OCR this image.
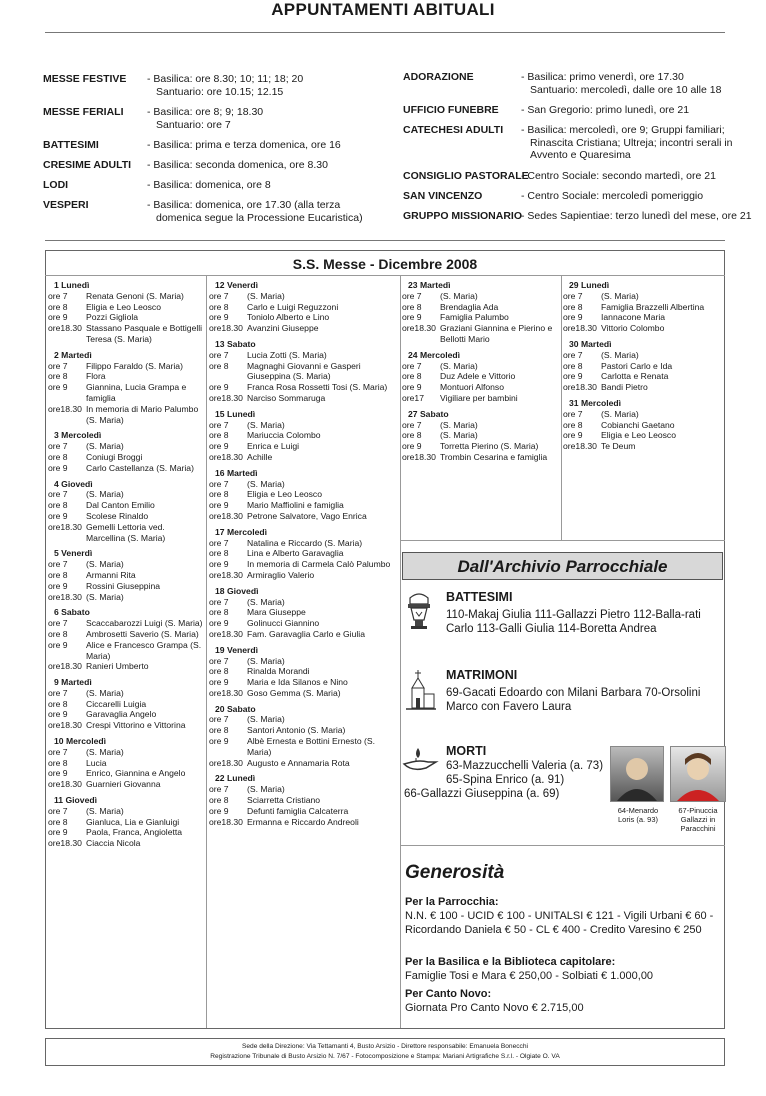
APPUNTAMENTI ABITUALI
MESSE FESTIVE - Basilica: ore 8.30; 10; 11; 18; 20
Santuario: ore 10.15; 12.15
MESSE FERIALI - Basilica: ore 8; 9; 18.30
Santuario: ore 7
BATTESIMI	- Basilica: prima e terza domenica, ore 16
CRESIME ADULTI - Basilica: seconda domenica, ore 8.30
LODI	- Basilica: domenica, ore 8
VESPERI	- Basilica: domenica, ore 17.30 (alla terza
domenica segue la Processione Eucaristica)
ADORAZIONE	- Basilica: primo venerdì, ore 17.30
Santuario: mercoledì, dalle ore 10 alle 18
UFFICIO FUNEBRE - San Gregorio: primo lunedì, ore 21
CATECHESI ADULTI - Basilica: mercoledì, ore 9; Gruppi familiari;
Rinascita Cristiana; Ultreja; incontri serali in
Avvento e Quaresima
CONSIGLIO PASTORALE
- Centro Sociale: secondo martedì, ore 21
SAN VINCENZO	- Centro Sociale: mercoledì pomeriggio
GRUPPO MISSIONARIO
- Sedes Sapientiae: terzo lunedì del mese, ore 21
S.S. Messe - Dicembre 2008
1 Lunedì
ore 7	Renata Genoni (S. Maria)
ore 8	Eligia e Leo Leosco
ore 9	Pozzi Gigliola
ore18.30 Stassano Pasquale e Bottigelli Teresa (S. Maria)
2 Martedì
ore 7	Filippo Faraldo (S. Maria)
ore 8	Flora
ore 9	Giannina, Lucia Grampa e famiglia
ore18.30 In memoria di Mario Palumbo (S. Maria)
3 Mercoledì
ore 7	(S. Maria)
ore 8	Coniugi Broggi
ore 9	Carlo Castellanza (S. Maria)
4 Giovedì
ore 7	(S. Maria)
ore 8	Dal Canton Emilio
ore 9	Scolese Rinaldo
ore18.30 Gemelli Lettoria ved. Marcellina (S. Maria)
5 Venerdì
ore 7	(S. Maria)
ore 8	Armanni Rita
ore 9	Rossini Giuseppina
ore18.30 (S. Maria)
6 Sabato
ore 7	Scaccabarozzi Luigi (S. Maria)
ore 8	Ambrosetti Saverio (S. Maria)
ore 9	Alice e Francesco Grampa (S. Maria)
ore18.30 Ranieri Umberto
9 Martedì
ore 7	(S. Maria)
ore 8	Ciccarelli Luigia
ore 9	Garavaglia Angelo
ore18.30 Crespi Vittorino e Vittorina
10 Mercoledì
ore 7	(S. Maria)
ore 8	Lucia
ore 9	Enrico, Giannina e Angelo
ore18.30 Guarnieri Giovanna
11 Giovedì
ore 7	(S. Maria)
ore 8	Gianluca, Lia e Gianluigi
ore 9	Paola, Franca, Angioletta
ore18.30 Ciaccia Nicola
12 Venerdì
ore 7	(S. Maria)
ore 8	Carlo e Luigi Reguzzoni
ore 9	Toniolo Alberto e Lino
ore18.30 Avanzini Giuseppe
13 Sabato
ore 7	Lucia Zotti (S. Maria)
ore 8	Magnaghi Giovanni e Gasperi Giuseppina (S. Maria)
ore 9	Franca Rosa Rossetti Tosi (S. Maria)
ore18.30 Narciso Sommaruga
15 Lunedì
ore 7	(S. Maria)
ore 8	Mariuccia Colombo
ore 9	Enrica e Luigi
ore18.30 Achille
16 Martedì
ore 7	(S. Maria)
ore 8	Eligia e Leo Leosco
ore 9	Mario Maffiolini e famiglia
ore18.30 Petrone Salvatore, Vago Enrica
17 Mercoledì
ore 7	Natalina e Riccardo (S. Maria)
ore 8	Lina e Alberto Garavaglia
ore 9	In memoria di Carmela Calò Palumbo
ore18.30 Armiraglio Valerio
18 Giovedì
ore 7	(S. Maria)
ore 8	Mara Giuseppe
ore 9	Golinucci Giannino
ore18.30 Fam. Garavaglia Carlo e Giulia
19 Venerdì
ore 7	(S. Maria)
ore 8	Rinalda Morandi
ore 9	Maria e Ida Silanos e Nino
ore18.30 Goso Gemma (S. Maria)
20 Sabato
ore 7	(S. Maria)
ore 8	Santori Antonio (S. Maria)
ore 9	Albè Ernesta e Bottini Ernesto (S. Maria)
ore18.30 Augusto e Annamaria Rota
22 Lunedì
ore 7	(S. Maria)
ore 8	Sciarretta Cristiano
ore 9	Defunti famiglia Calcaterra
ore18.30 Ermanna e Riccardo Andreoli
23 Martedì
ore 7	(S. Maria)
ore 8	Brendaglia Ada
ore 9	Famiglia Palumbo
ore18.30 Graziani Giannina e Pierino e Bellotti Mario
24 Mercoledì
ore 7	(S. Maria)
ore 8	Duz Adele e Vittorio
ore 9	Montuori Alfonso
ore17	Vigiliare per bambini
27 Sabato
ore 7	(S. Maria)
ore 8	(S. Maria)
ore 9	Torretta Pierino (S. Maria)
ore18.30 Trombin Cesarina e famiglia
29 Lunedì
ore 7	(S. Maria)
ore 8	Famiglia Brazzelli Albertina
ore 9	Iannacone Maria
ore18.30 Vittorio Colombo
30 Martedì
ore 7	(S. Maria)
ore 8	Pastori Carlo e Ida
ore 9	Carlotta e Renata
ore18.30 Bandi Pietro
31 Mercoledì
ore 7	(S. Maria)
ore 8	Cobianchi Gaetano
ore 9	Eligia e Leo Leosco
ore18.30 Te Deum
Dall'Archivio Parrocchiale
BATTESIMI
110-Makaj Giulia 111-Gallazzi Pietro 112-Balla-rati Carlo 113-Galli Giulia 114-Boretta Andrea
MATRIMONI
69-Gacati Edoardo con Milani Barbara 70-Orsolini Marco con Favero Laura
MORTI
63-Mazzucchelli Valeria (a. 73)
65-Spina Enrico (a. 91)
66-Gallazzi Giuseppina (a. 69)
64-Menardo Loris (a. 93)
67-Pinuccia Gallazzi in Paracchini
Generosità
Per la Parrocchia:
N.N. € 100 - UCID € 100 - UNITALSI € 121 - Vigili Urbani € 60 - Ricordando Daniela € 50 - CL € 400 - Credito Varesino € 250
Per la Basilica e la Biblioteca capitolare:
Famiglie Tosi e Mara € 250,00 - Solbiati € 1.000,00
Per Canto Novo:
Giornata Pro Canto Novo € 2.715,00
Sede della Direzione: Via Tettamanti 4, Busto Arsizio - Direttore responsabile: Emanuela Bonecchi
Registrazione Tribunale di Busto Arsizio N. 7/67 - Fotocomposizione e Stampa: Mariani Artigrafiche S.r.l. - Olgiate O. VA
